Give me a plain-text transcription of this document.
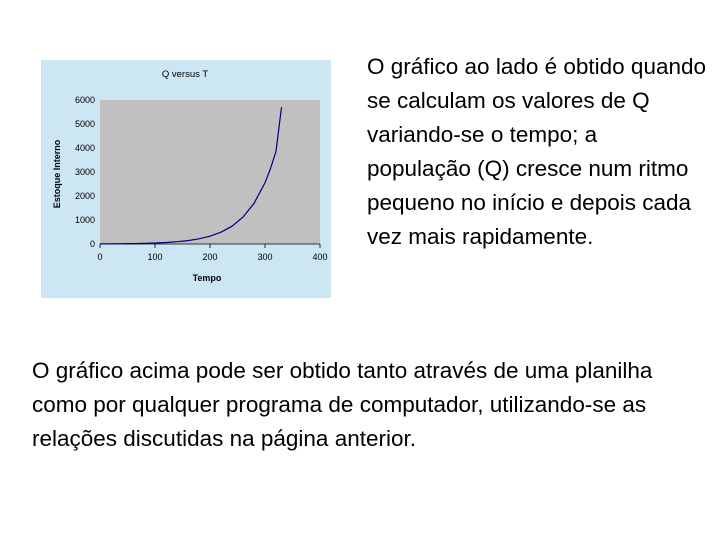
Q versus T
0
1000
2000
3000
4000
5000
6000
0	100	200	300	400
Tempo
Estoque Interno
O gráfico ao lado é obtido quando se calculam os valores de Q variando-se o tempo; a população (Q) cresce num ritmo pequeno no início e depois cada vez mais rapidamente.
O gráfico acima pode ser obtido tanto através de uma planilha como por qualquer programa de computador, utilizando-se as relações discutidas na página anterior.
